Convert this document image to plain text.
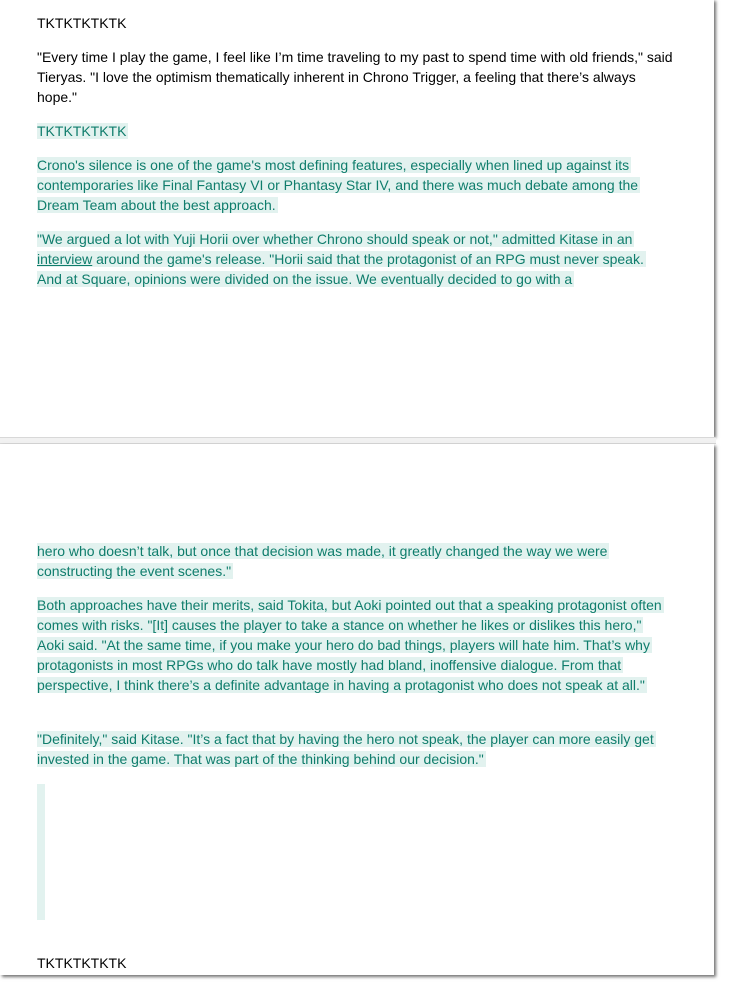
TKTKTKTKTK

"Every time I play the game, I feel like I’m time traveling to my past to spend time with old friends," said Tieryas. "I love the optimism thematically inherent in Chrono Trigger, a feeling that there’s always hope."

TKTKTKTKTK

Crono's silence is one of the game's most defining features, especially when lined up against its contemporaries like Final Fantasy VI or Phantasy Star IV, and there was much debate among the Dream Team about the best approach.

"We argued a lot with Yuji Horii over whether Chrono should speak or not," admitted Kitase in an interview around the game's release. "Horii said that the protagonist of an RPG must never speak. And at Square, opinions were divided on the issue. We eventually decided to go with a

hero who doesn’t talk, but once that decision was made, it greatly changed the way we were constructing the event scenes."

Both approaches have their merits, said Tokita, but Aoki pointed out that a speaking protagonist often comes with risks. "[It] causes the player to take a stance on whether he likes or dislikes this hero," Aoki said. "At the same time, if you make your hero do bad things, players will hate him. That’s why protagonists in most RPGs who do talk have mostly had bland, inoffensive dialogue. From that perspective, I think there’s a definite advantage in having a protagonist who does not speak at all."

"Definitely," said Kitase. "It’s a fact that by having the hero not speak, the player can more easily get invested in the game. That was part of the thinking behind our decision."

TKTKTKTKTK
